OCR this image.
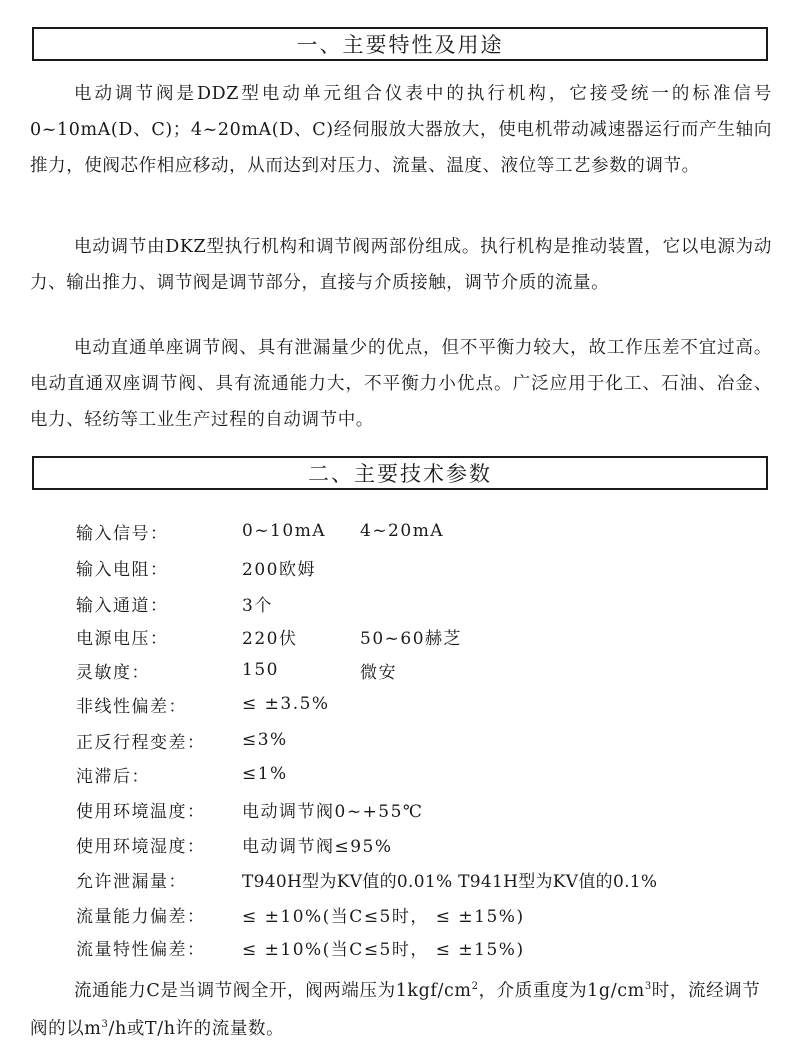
一、主要特性及用途

电动调节阀是DDZ型电动单元组合仪表中的执行机构，它接受统一的标准信号0~10mA(D、C)；4~20mA(D、C)经伺服放大器放大，使电机带动减速器运行而产生轴向推力，使阀芯作相应移动，从而达到对压力、流量、温度、液位等工艺参数的调节。

电动调节由DKZ型执行机构和调节阀两部份组成。执行机构是推动装置，它以电源为动力、输出推力、调节阀是调节部分，直接与介质接触，调节介质的流量。

电动直通单座调节阀、具有泄漏量少的优点，但不平衡力较大，故工作压差不宜过高。电动直通双座调节阀、具有流通能力大，不平衡力小优点。广泛应用于化工、石油、冶金、电力、轻纺等工业生产过程的自动调节中。

二、主要技术参数
输入信号：	0~10mA	4~20mA
输入电阻：	200欧姆
输入通道：	3个
电源电压：	220伏	50~60赫芝
灵敏度：	150	微安
非线性偏差：	≤ ±3.5%
正反行程变差：	≤3%
沌滞后：	≤1%
使用环境温度：	电动调节阀0~+55℃
使用环境湿度：	电动调节阀≤95%
允许泄漏量：	T940H型为KV值的0.01% T941H型为KV值的0.1%
流量能力偏差：	≤ ±10%(当C≤5时， ≤ ±15%)
流量特性偏差：	≤ ±10%(当C≤5时， ≤ ±15%)

流通能力C是当调节阀全开，阀两端压为$1kgf/cm^2$，介质重度为$1g/cm^3$时，流经调节阀的以$m^3/h$或T/h许的流量数。
